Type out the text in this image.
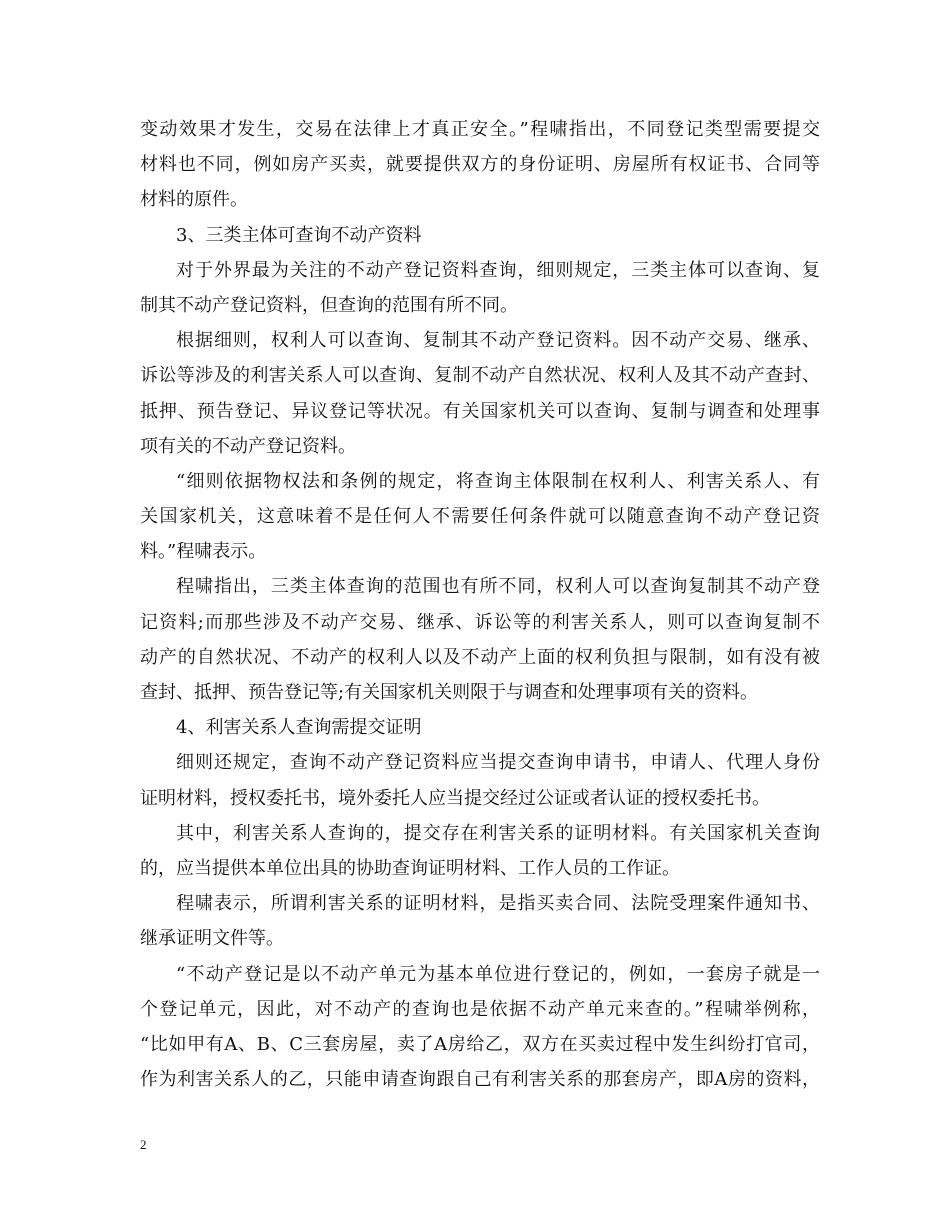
变动效果才发生，交易在法律上才真正安全。”程啸指出，不同登记类型需要提交
材料也不同，例如房产买卖，就要提供双方的身份证明、房屋所有权证书、合同等
材料的原件。
3、三类主体可查询不动产资料
对于外界最为关注的不动产登记资料查询，细则规定，三类主体可以查询、复
制其不动产登记资料，但查询的范围有所不同。
根据细则，权利人可以查询、复制其不动产登记资料。因不动产交易、继承、
诉讼等涉及的利害关系人可以查询、复制不动产自然状况、权利人及其不动产查封、
抵押、预告登记、异议登记等状况。有关国家机关可以查询、复制与调查和处理事
项有关的不动产登记资料。
“细则依据物权法和条例的规定，将查询主体限制在权利人、利害关系人、有
关国家机关，这意味着不是任何人不需要任何条件就可以随意查询不动产登记资
料。”程啸表示。
程啸指出，三类主体查询的范围也有所不同，权利人可以查询复制其不动产登
记资料;而那些涉及不动产交易、继承、诉讼等的利害关系人，则可以查询复制不
动产的自然状况、不动产的权利人以及不动产上面的权利负担与限制，如有没有被
查封、抵押、预告登记等;有关国家机关则限于与调查和处理事项有关的资料。
4、利害关系人查询需提交证明
细则还规定，查询不动产登记资料应当提交查询申请书，申请人、代理人身份
证明材料，授权委托书，境外委托人应当提交经过公证或者认证的授权委托书。
其中，利害关系人查询的，提交存在利害关系的证明材料。有关国家机关查询
的，应当提供本单位出具的协助查询证明材料、工作人员的工作证。
程啸表示，所谓利害关系的证明材料，是指买卖合同、法院受理案件通知书、
继承证明文件等。
“不动产登记是以不动产单元为基本单位进行登记的，例如，一套房子就是一
个登记单元，因此，对不动产的查询也是依据不动产单元来查的。”程啸举例称，
“比如甲有A、B、C三套房屋，卖了A房给乙，双方在买卖过程中发生纠纷打官司，
作为利害关系人的乙，只能申请查询跟自己有利害关系的那套房产，即A房的资料，
2
